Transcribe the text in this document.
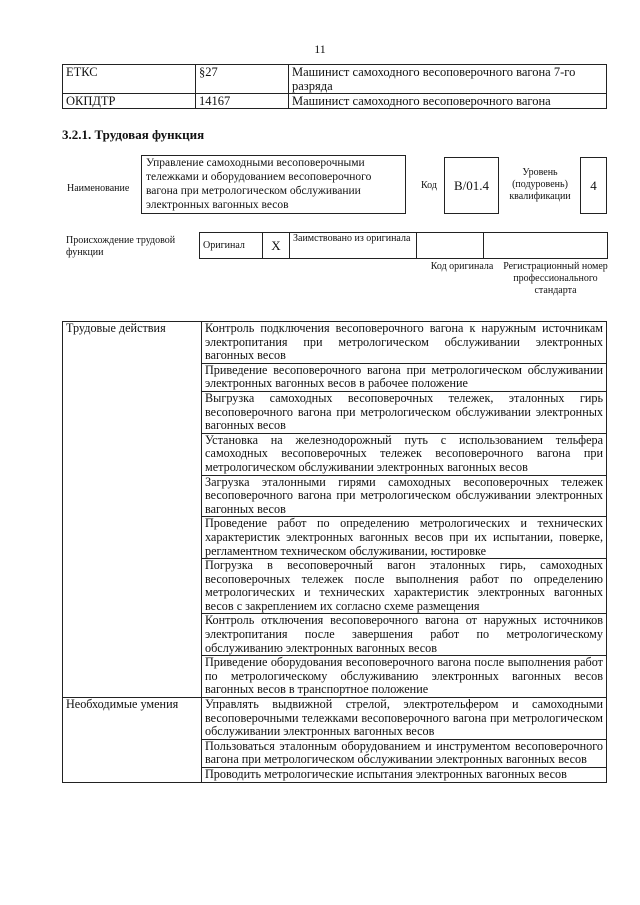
11
ЕТКС	§27	Машинист самоходного весоповерочного вагона 7-го разряда
ОКПДТР	14167	Машинист самоходного весоповерочного вагона
3.2.1. Трудовая функция
Наименование
Управление самоходными весоповерочными тележками и оборудованием весоповерочного вагона при метрологическом обслуживании электронных вагонных весов
Код	B/01.4
Уровень (подуровень) квалификации
4
Происхождение трудовой функции
Оригинал	X	Заимствовано из оригинала		
Код оригинала Регистрационный номер профессионального стандарта
Трудовые действия	Контроль подключения весоповерочного вагона к наружным источникам электропитания при метрологическом обслуживании электронных вагонных весов
	Приведение весоповерочного вагона при метрологическом обслуживании электронных вагонных весов в рабочее положение
	Выгрузка самоходных весоповерочных тележек, эталонных гирь весоповерочного вагона при метрологическом обслуживании электронных вагонных весов
	Установка на железнодорожный путь с использованием тельфера самоходных весоповерочных тележек весоповерочного вагона при метрологическом обслуживании электронных вагонных весов
	Загрузка эталонными гирями самоходных весоповерочных тележек весоповерочного вагона при метрологическом обслуживании электронных вагонных весов
	Проведение работ по определению метрологических и технических характеристик электронных вагонных весов при их испытании, поверке, регламентном техническом обслуживании, юстировке
	Погрузка в весоповерочный вагон эталонных гирь, самоходных весоповерочных тележек после выполнения работ по определению метрологических и технических характеристик электронных вагонных весов с закреплением их согласно схеме размещения
	Контроль отключения весоповерочного вагона от наружных источников электропитания после завершения работ по метрологическому обслуживанию электронных вагонных весов
	Приведение оборудования весоповерочного вагона после выполнения работ по метрологическому обслуживанию электронных вагонных весов вагонных весов в транспортное положение
Необходимые умения	Управлять выдвижной стрелой, электротельфером и самоходными весоповерочными тележками весоповерочного вагона при метрологическом обслуживании электронных вагонных весов
	Пользоваться эталонным оборудованием и инструментом весоповерочного вагона при метрологическом обслуживании электронных вагонных весов
	Проводить метрологические испытания электронных вагонных весов
